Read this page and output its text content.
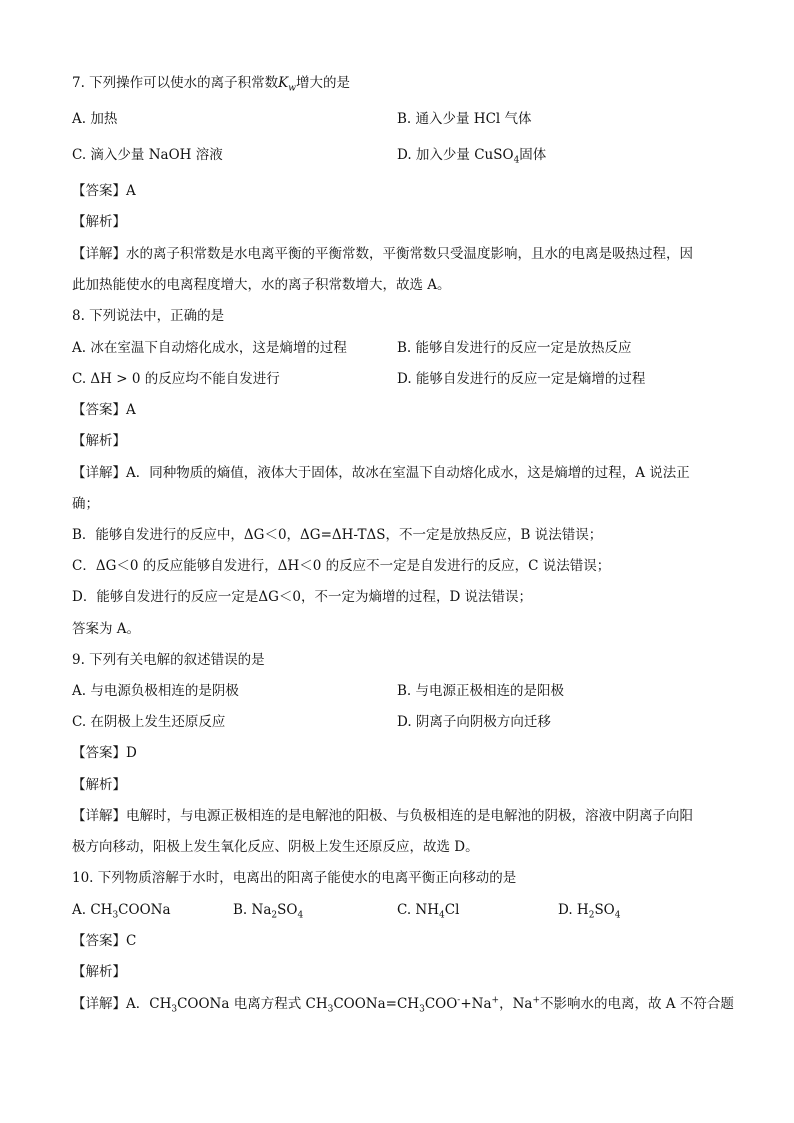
7. 下列操作可以使水的离子积常数$K_w$增大的是
A. 加热	B. 通入少量 HCl 气体
C. 滴入少量 NaOH 溶液	D. 加入少量 CuSO$_4$固体
【答案】A
【解析】
【详解】水的离子积常数是水电离平衡的平衡常数，平衡常数只受温度影响，且水的电离是吸热过程，因
此加热能使水的电离程度增大，水的离子积常数增大，故选 A。
8. 下列说法中，正确的是
A. 冰在室温下自动熔化成水，这是熵增的过程	B. 能够自发进行的反应一定是放热反应
C. ΔH > 0 的反应均不能自发进行	D. 能够自发进行的反应一定是熵增的过程
【答案】A
【解析】
【详解】A．同种物质的熵值，液体大于固体，故冰在室温下自动熔化成水，这是熵增的过程，A 说法正
确；
B．能够自发进行的反应中，ΔG＜0，ΔG=ΔH-TΔS，不一定是放热反应，B 说法错误；
C．ΔG＜0 的反应能够自发进行，ΔH＜0 的反应不一定是自发进行的反应，C 说法错误；
D．能够自发进行的反应一定是ΔG＜0，不一定为熵增的过程，D 说法错误；
答案为 A。
9. 下列有关电解的叙述错误的是
A. 与电源负极相连的是阴极	B. 与电源正极相连的是阳极
C. 在阴极上发生还原反应	D. 阴离子向阴极方向迁移
【答案】D
【解析】
【详解】电解时，与电源正极相连的是电解池的阳极、与负极相连的是电解池的阴极，溶液中阴离子向阳
极方向移动，阳极上发生氧化反应、阴极上发生还原反应，故选 D。
10. 下列物质溶解于水时，电离出的阳离子能使水的电离平衡正向移动的是
A. $CH_3COONa$	B. $Na_2SO_4$	C. $NH_4Cl$	D. $H_2SO_4$
【答案】C
【解析】
【详解】A．$CH_3COONa$ 电离方程式 $CH_3COONa=CH_3COO^-+Na^+$，Na+不影响水的电离，故 A 不符合题
